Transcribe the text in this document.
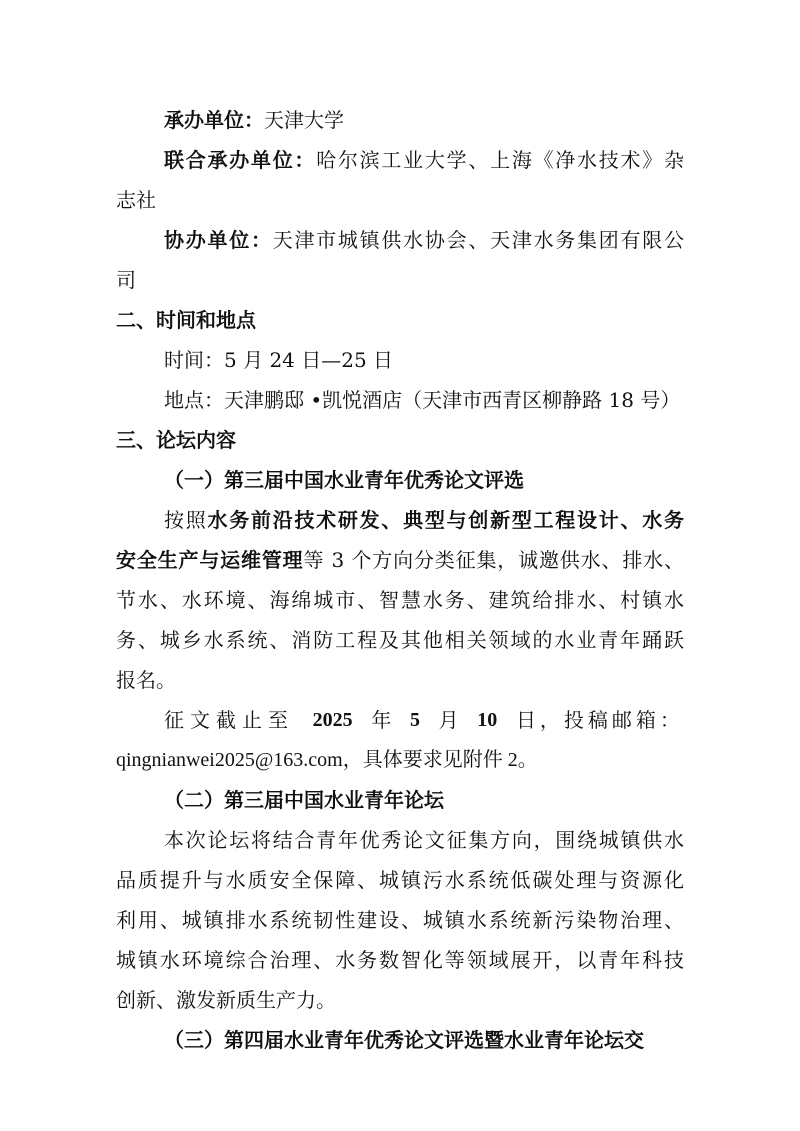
承办单位：天津大学
联合承办单位：哈尔滨工业大学、上海《净水技术》杂
志社
协办单位：天津市城镇供水协会、天津水务集团有限公
司
二、时间和地点
时间：5 月 24 日—25 日
地点：天津鹏邸 •凯悦酒店（天津市西青区柳静路 18 号）
三、论坛内容
（一）第三届中国水业青年优秀论文评选
按照水务前沿技术研发、典型与创新型工程设计、水务
安全生产与运维管理等 3 个方向分类征集，诚邀供水、排水、
节水、水环境、海绵城市、智慧水务、建筑给排水、村镇水
务、城乡水系统、消防工程及其他相关领域的水业青年踊跃
报名。
征文截止至 2025 年 5 月 10 日，投稿邮箱：
qingnianwei2025@163.com，具体要求见附件 2。
（二）第三届中国水业青年论坛
本次论坛将结合青年优秀论文征集方向，围绕城镇供水
品质提升与水质安全保障、城镇污水系统低碳处理与资源化
利用、城镇排水系统韧性建设、城镇水系统新污染物治理、
城镇水环境综合治理、水务数智化等领域展开，以青年科技
创新、激发新质生产力。
（三）第四届水业青年优秀论文评选暨水业青年论坛交
